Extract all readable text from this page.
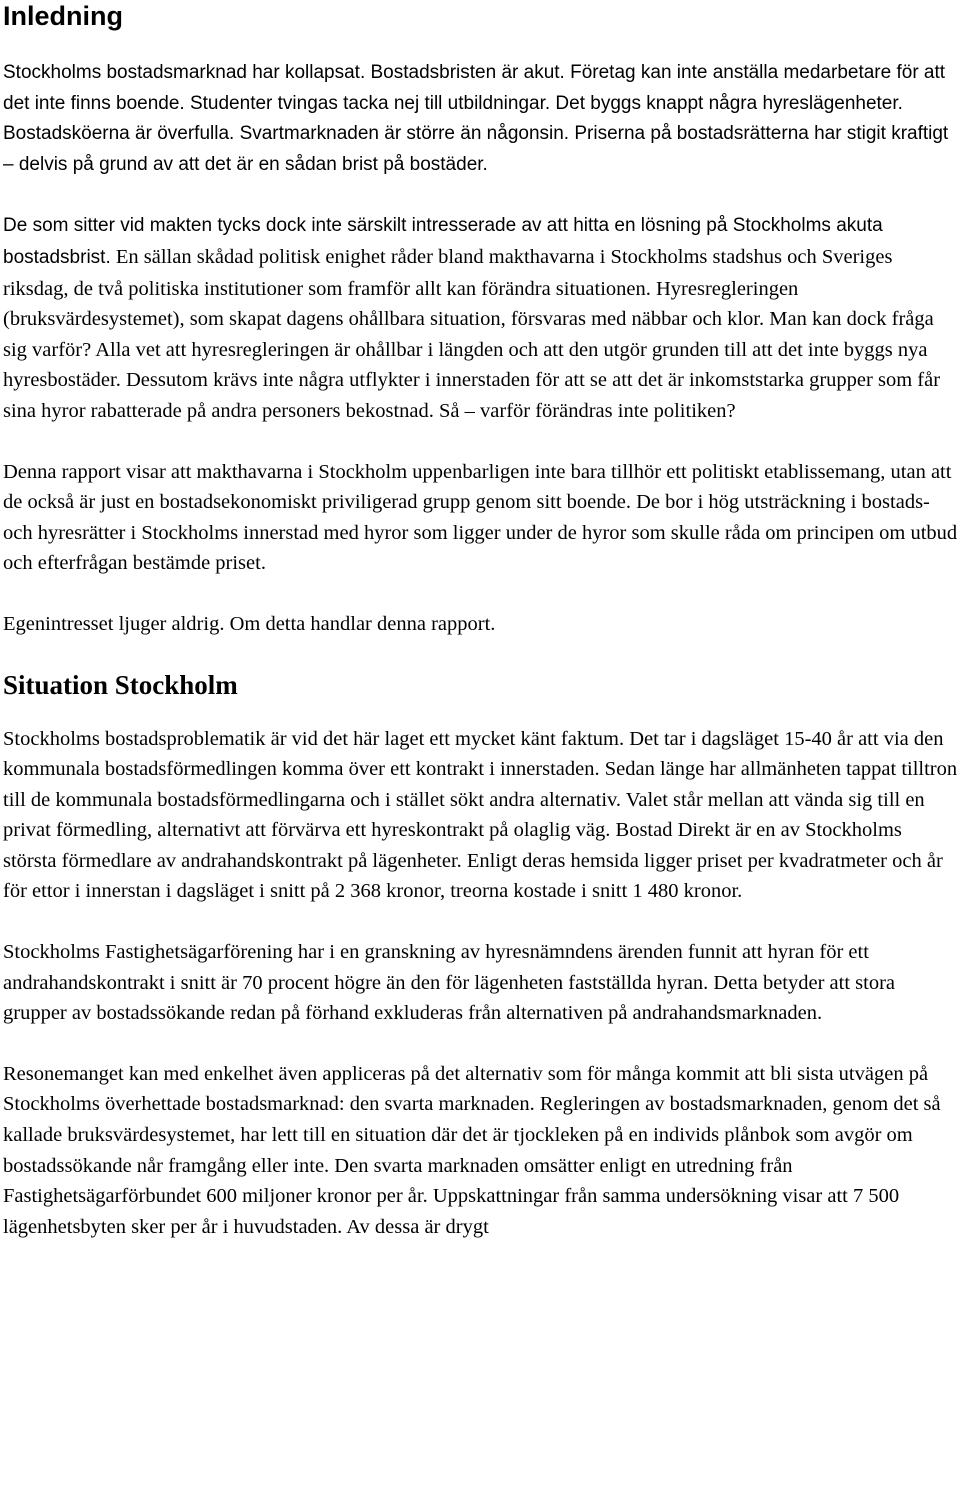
Inledning

Stockholms bostadsmarknad har kollapsat. Bostadsbristen är akut. Företag kan inte anställa medarbetare för att det inte finns boende. Studenter tvingas tacka nej till utbildningar. Det byggs knappt några hyreslägenheter. Bostadsköerna är överfulla. Svartmarknaden är större än någonsin. Priserna på bostadsrätterna har stigit kraftigt – delvis på grund av att det är en sådan brist på bostäder.

De som sitter vid makten tycks dock inte särskilt intresserade av att hitta en lösning på Stockholms akuta bostadsbrist. En sällan skådad politisk enighet råder bland makthavarna i Stockholms stadshus och Sveriges riksdag, de två politiska institutioner som framför allt kan förändra situationen. Hyresregleringen (bruksvärdesystemet), som skapat dagens ohållbara situation, försvaras med näbbar och klor. Man kan dock fråga sig varför? Alla vet att hyresregleringen är ohållbar i längden och att den utgör grunden till att det inte byggs nya hyresbostäder. Dessutom krävs inte några utflykter i innerstaden för att se att det är inkomststarka grupper som får sina hyror rabatterade på andra personers bekostnad. Så – varför förändras inte politiken?

Denna rapport visar att makthavarna i Stockholm uppenbarligen inte bara tillhör ett politiskt etablissemang, utan att de också är just en bostadsekonomiskt priviligerad grupp genom sitt boende. De bor i hög utsträckning i bostads- och hyresrätter i Stockholms innerstad med hyror som ligger under de hyror som skulle råda om principen om utbud och efterfrågan bestämde priset.

Egenintresset ljuger aldrig. Om detta handlar denna rapport.

Situation Stockholm

Stockholms bostadsproblematik är vid det här laget ett mycket känt faktum. Det tar i dagsläget 15-40 år att via den kommunala bostadsförmedlingen komma över ett kontrakt i innerstaden. Sedan länge har allmänheten tappat tilltron till de kommunala bostadsförmedlingarna och i stället sökt andra alternativ. Valet står mellan att vända sig till en privat förmedling, alternativt att förvärva ett hyreskontrakt på olaglig väg. Bostad Direkt är en av Stockholms största förmedlare av andrahandskontrakt på lägenheter. Enligt deras hemsida ligger priset per kvadratmeter och år för ettor i innerstan i dagsläget i snitt på 2 368 kronor, treorna kostade i snitt 1 480 kronor.

Stockholms Fastighetsägarförening har i en granskning av hyresnämndens ärenden funnit att hyran för ett andrahandskontrakt i snitt är 70 procent högre än den för lägenheten fastställda hyran. Detta betyder att stora grupper av bostadssökande redan på förhand exkluderas från alternativen på andrahandsmarknaden.

Resonemanget kan med enkelhet även appliceras på det alternativ som för många kommit att bli sista utvägen på Stockholms överhettade bostadsmarknad: den svarta marknaden. Regleringen av bostadsmarknaden, genom det så kallade bruksvärdesystemet, har lett till en situation där det är tjockleken på en individs plånbok som avgör om bostadssökande når framgång eller inte. Den svarta marknaden omsätter enligt en utredning från Fastighetsägarförbundet 600 miljoner kronor per år. Uppskattningar från samma undersökning visar att 7 500 lägenhetsbyten sker per år i huvudstaden. Av dessa är drygt
